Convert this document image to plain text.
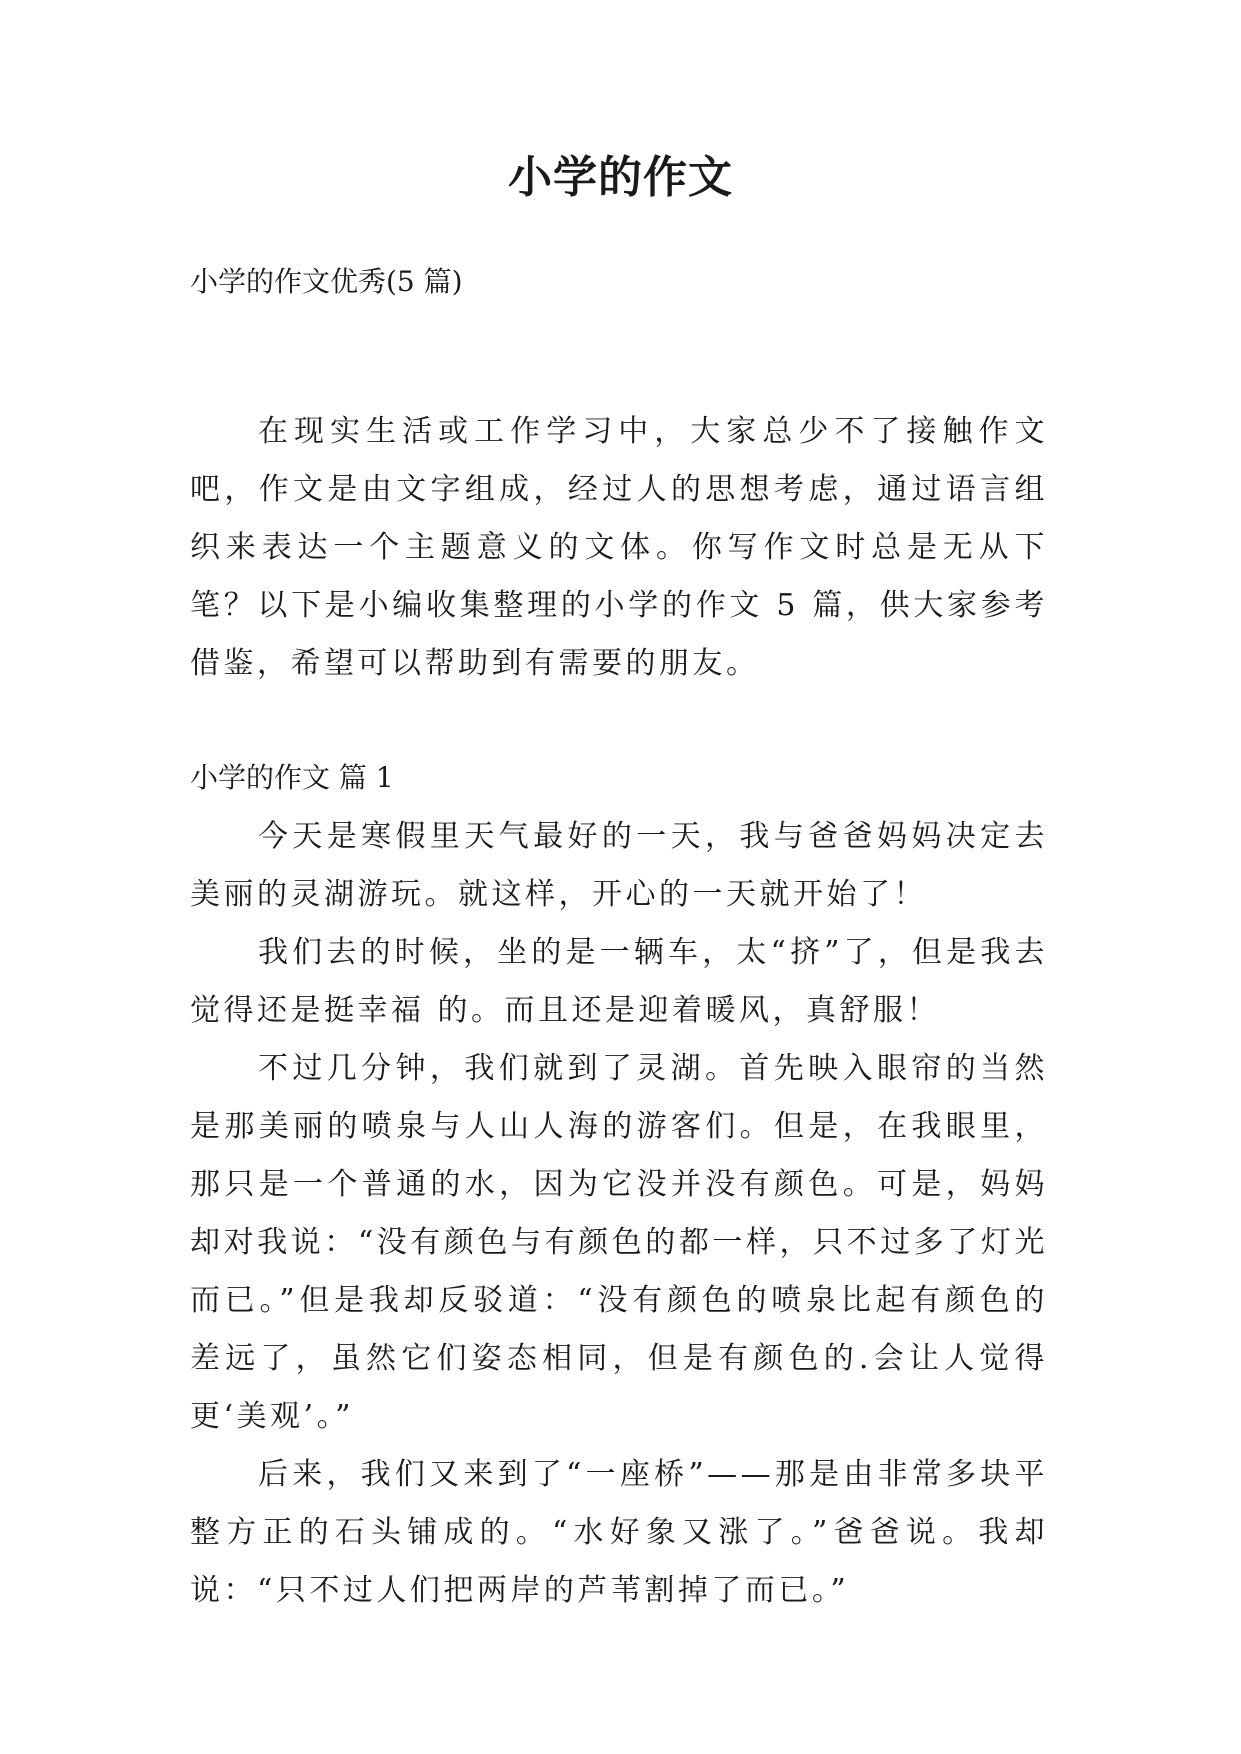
小学的作文

小学的作文优秀(5 篇)

在现实生活或工作学习中，大家总少不了接触作文吧，作文是由文字组成，经过人的思想考虑，通过语言组织来表达一个主题意义的文体。你写作文时总是无从下笔？以下是小编收集整理的小学的作文 5 篇，供大家参考借鉴，希望可以帮助到有需要的朋友。

小学的作文 篇 1

今天是寒假里天气最好的一天，我与爸爸妈妈决定去美丽的灵湖游玩。就这样，开心的一天就开始了！

我们去的时候，坐的是一辆车，太“挤”了，但是我去觉得还是挺幸福 的。而且还是迎着暖风，真舒服！

不过几分钟，我们就到了灵湖。首先映入眼帘的当然是那美丽的喷泉与人山人海的游客们。但是，在我眼里，那只是一个普通的水，因为它没并没有颜色。可是，妈妈却对我说：“没有颜色与有颜色的都一样，只不过多了灯光而已。”但是我却反驳道：“没有颜色的喷泉比起有颜色的差远了，虽然它们姿态相同，但是有颜色的.会让人觉得更‘美观’。”

后来，我们又来到了“一座桥”——那是由非常多块平整方正的石头铺成的。“水好象又涨了。”爸爸说。我却说：“只不过人们把两岸的芦苇割掉了而已。”
